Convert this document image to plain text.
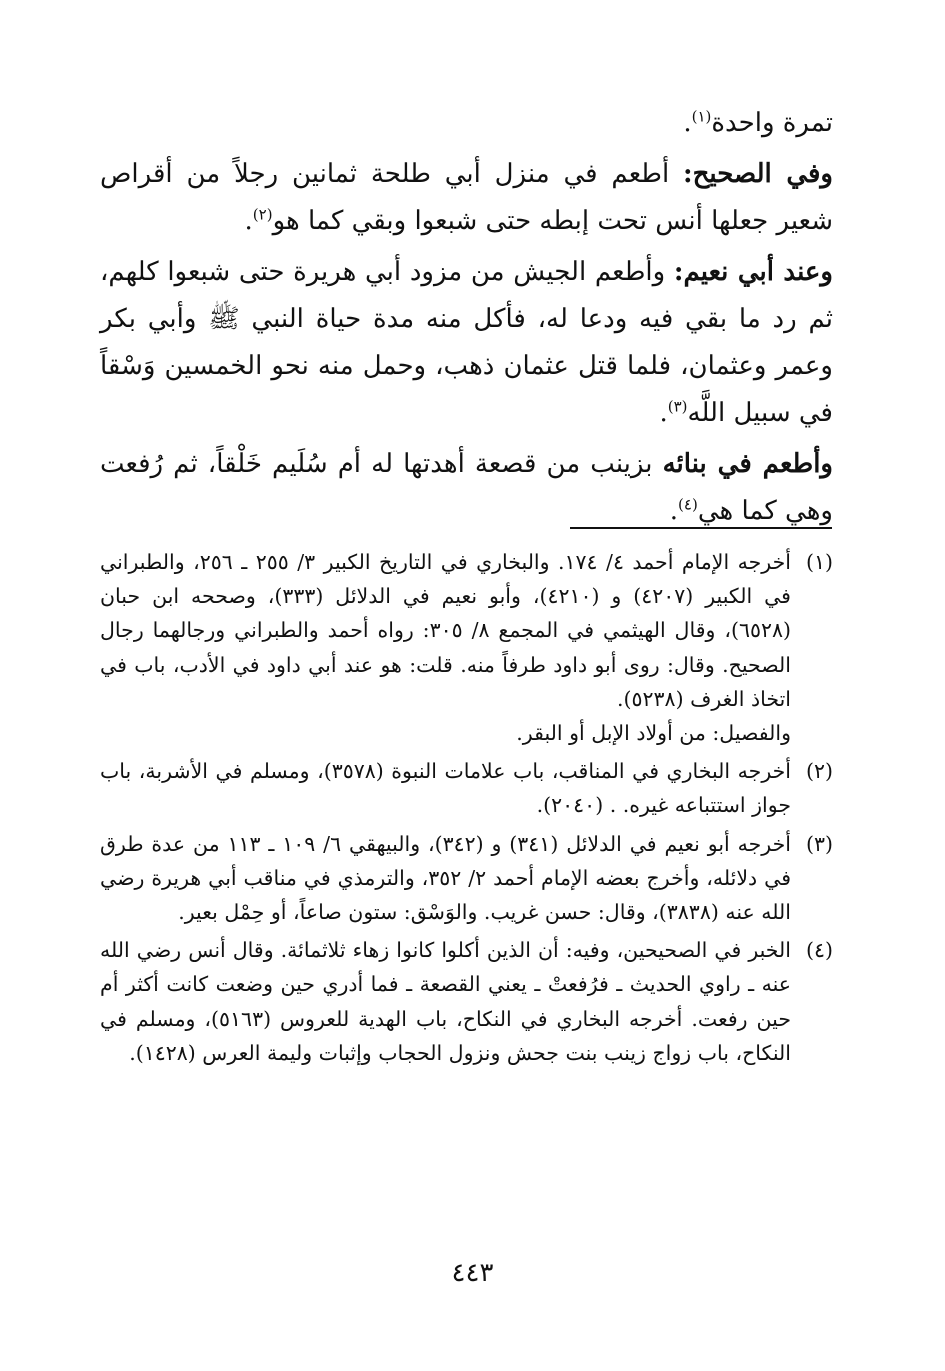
تمرة واحدة$^{(١)}$.

وفي الصحيح: أطعم في منزل أبي طلحة ثمانين رجلاً من أقراص شعير جعلها أنس تحت إبطه حتى شبعوا وبقي كما هو$^{(٢)}$.

وعند أبي نعيم: وأطعم الجيش من مزود أبي هريرة حتى شبعوا كلهم، ثم رد ما بقي فيه ودعا له، فأكل منه مدة حياة النبي ﷺ وأبي بكر وعمر وعثمان، فلما قتل عثمان ذهب، وحمل منه نحو الخمسين وَسْقاً في سبيل اللَّه$^{(٣)}$.

وأطعم في بنائه بزينب من قصعة أهدتها له أم سُلَيم خَلْقاً، ثم رُفعت وهي كما هي$^{(٤)}$.

(١)
أخرجه الإمام أحمد ٤/ ١٧٤. والبخاري في التاريخ الكبير ٣/ ٢٥٥ ـ ٢٥٦، والطبراني في الكبير (٤٢٠٧) و (٤٢١٠)، وأبو نعيم في الدلائل (٣٣٣)، وصححه ابن حبان (٦٥٢٨)، وقال الهيثمي في المجمع ٨/ ٣٠٥: رواه أحمد والطبراني ورجالهما رجال الصحيح. وقال: روى أبو داود طرفاً منه. قلت: هو عند أبي داود في الأدب، باب في اتخاذ الغرف (٥٢٣٨).
والفصيل: من أولاد الإبل أو البقر.

(٢)
أخرجه البخاري في المناقب، باب علامات النبوة (٣٥٧٨)، ومسلم في الأشربة، باب جواز استتباعه غيره. . (٢٠٤٠).

(٣)
أخرجه أبو نعيم في الدلائل (٣٤١) و (٣٤٢)، والبيهقي ٦/ ١٠٩ ـ ١١٣ من عدة طرق في دلائله، وأخرج بعضه الإمام أحمد ٢/ ٣٥٢، والترمذي في مناقب أبي هريرة رضي الله عنه (٣٨٣٨)، وقال: حسن غريب. والوَسْق: ستون صاعاً، أو حِمْل بعير.

(٤)
الخبر في الصحيحين، وفيه: أن الذين أكلوا كانوا زهاء ثلاثمائة. وقال أنس رضي الله عنه ـ راوي الحديث ـ فرُفعتْ ـ يعني القصعة ـ فما أدري حين وضعت كانت أكثر أم حين رفعت. أخرجه البخاري في النكاح، باب الهدية للعروس (٥١٦٣)، ومسلم في النكاح، باب زواج زينب بنت جحش ونزول الحجاب وإثبات وليمة العرس (١٤٢٨).

٤٤٣
